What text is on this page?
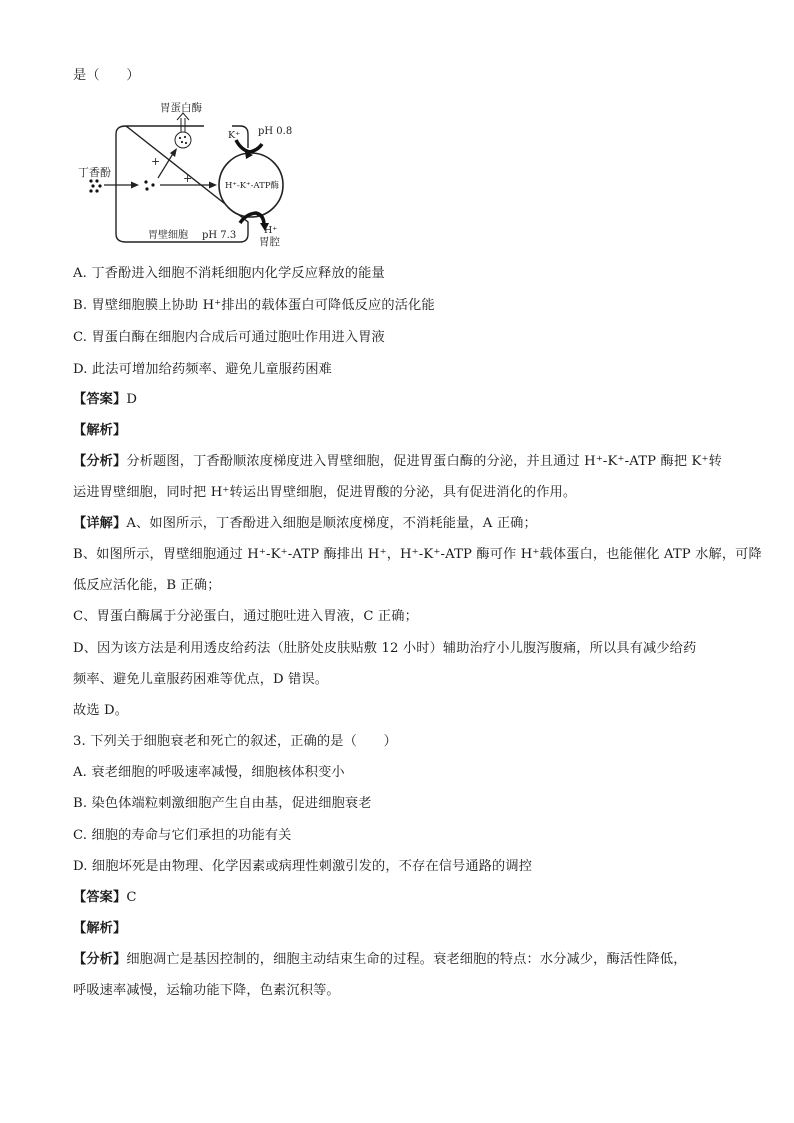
是（　　）
胃蛋白酶
H⁺-K⁺-ATP酶
K⁺ pH 0.8
H⁺
胃腔
丁香酚
+
+
胃壁细胞 pH 7.3
A. 丁香酚进入细胞不消耗细胞内化学反应释放的能量
B. 胃壁细胞膜上协助 H⁺排出的载体蛋白可降低反应的活化能
C. 胃蛋白酶在细胞内合成后可通过胞吐作用进入胃液
D. 此法可增加给药频率、避免儿童服药困难
【答案】D
【解析】
【分析】分析题图，丁香酚顺浓度梯度进入胃壁细胞，促进胃蛋白酶的分泌，并且通过 H⁺-K⁺-ATP 酶把 K⁺转
运进胃壁细胞，同时把 H⁺转运出胃壁细胞，促进胃酸的分泌，具有促进消化的作用。
【详解】A、如图所示，丁香酚进入细胞是顺浓度梯度，不消耗能量，A 正确；
B、如图所示，胃壁细胞通过 H⁺-K⁺-ATP 酶排出 H⁺，H⁺-K⁺-ATP 酶可作 H⁺载体蛋白，也能催化 ATP 水解，可降
低反应活化能，B 正确；
C、胃蛋白酶属于分泌蛋白，通过胞吐进入胃液，C 正确；
D、因为该方法是利用透皮给药法（肚脐处皮肤贴敷 12 小时）辅助治疗小儿腹泻腹痛，所以具有减少给药
频率、避免儿童服药困难等优点，D 错误。
故选 D。
3. 下列关于细胞衰老和死亡的叙述，正确的是（　　）
A. 衰老细胞的呼吸速率减慢，细胞核体积变小
B. 染色体端粒刺激细胞产生自由基，促进细胞衰老
C. 细胞的寿命与它们承担的功能有关
D. 细胞坏死是由物理、化学因素或病理性刺激引发的，不存在信号通路的调控
【答案】C
【解析】
【分析】细胞凋亡是基因控制的，细胞主动结束生命的过程。衰老细胞的特点：水分减少，酶活性降低，
呼吸速率减慢，运输功能下降，色素沉积等。
